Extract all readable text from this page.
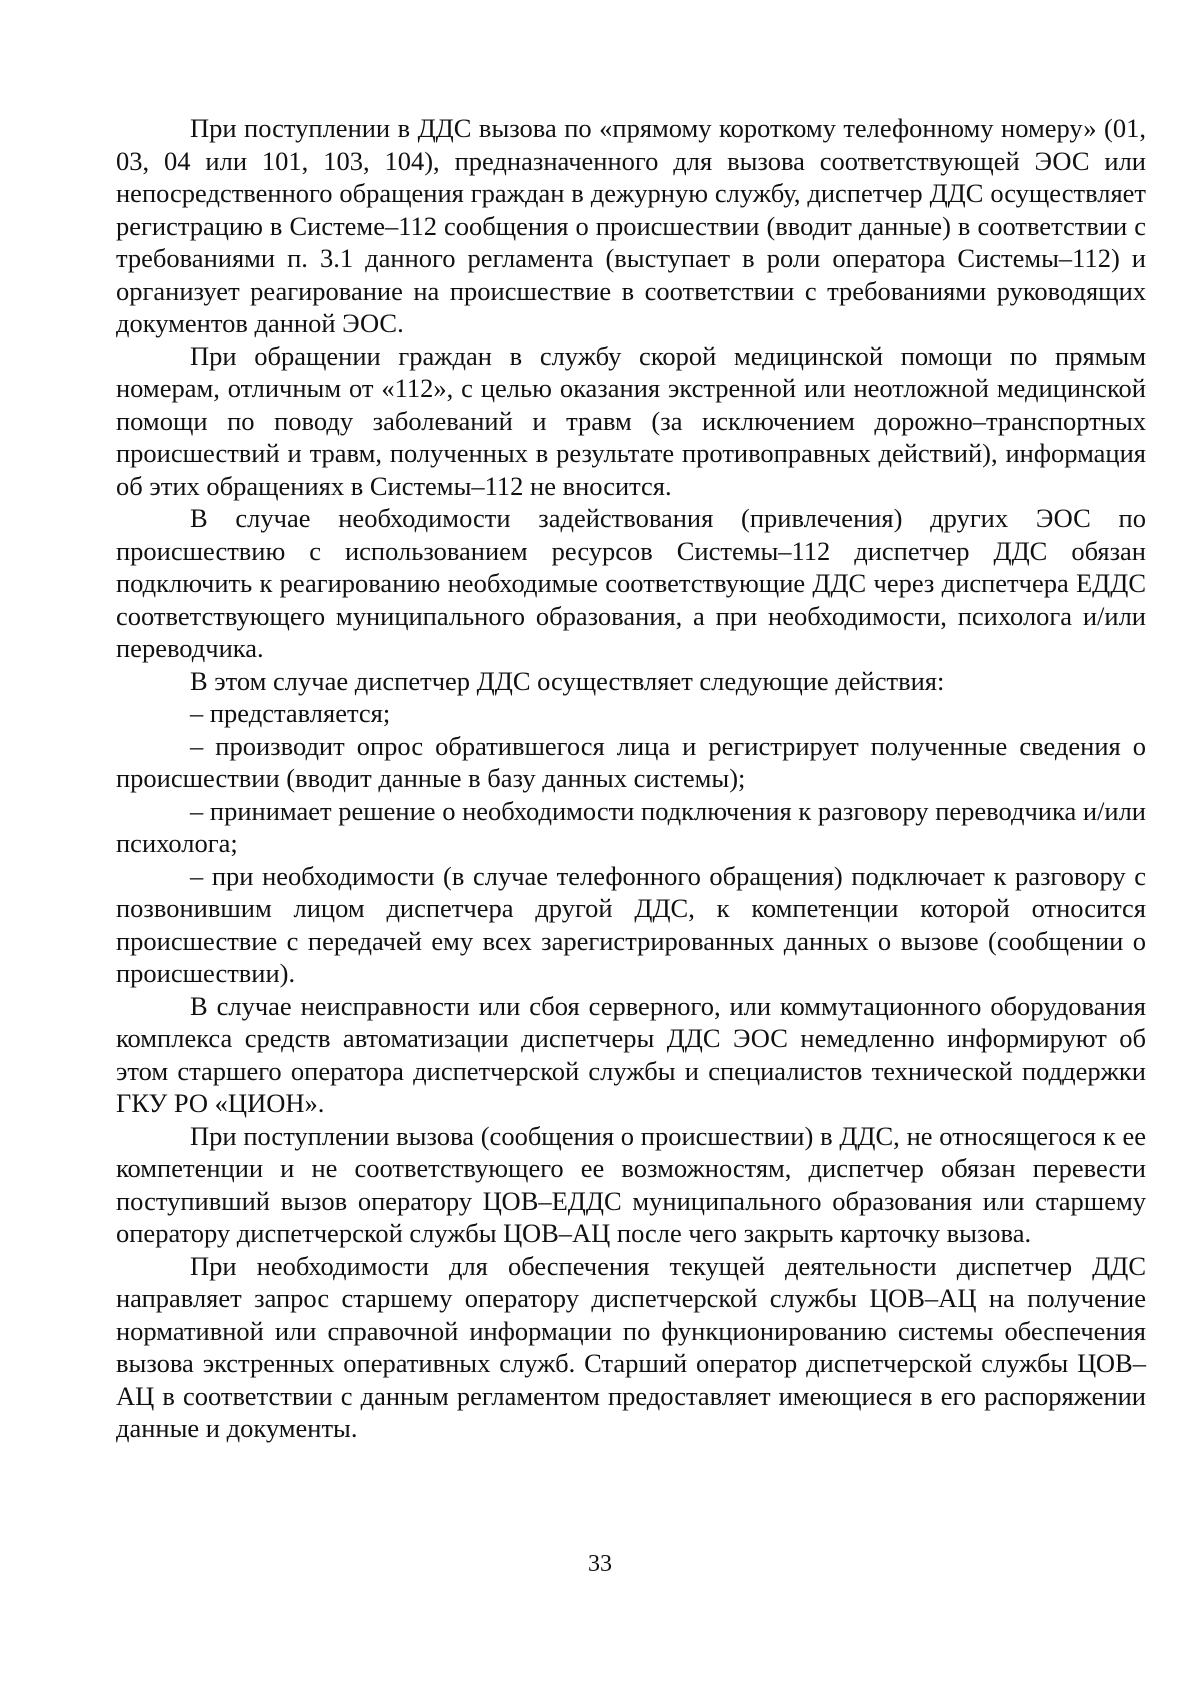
При поступлении в ДДС вызова по «прямому короткому телефонному номеру» (01, 03, 04 или 101, 103, 104), предназначенного для вызова соответствующей ЭОС или непосредственного обращения граждан в дежурную службу, диспетчер ДДС осуществляет регистрацию в Системе–112 сообщения о происшествии (вводит данные) в соответствии с требованиями п. 3.1 данного регламента (выступает в роли оператора Системы–112) и организует реагирование на происшествие в соответствии с требованиями руководящих документов данной ЭОС.

При обращении граждан в службу скорой медицинской помощи по прямым номерам, отличным от «112», с целью оказания экстренной или неотложной медицинской помощи по поводу заболеваний и травм (за исключением дорожно–транспортных происшествий и травм, полученных в результате противоправных действий), информация об этих обращениях в Системы–112 не вносится.

В случае необходимости задействования (привлечения) других ЭОС по происшествию с использованием ресурсов Системы–112 диспетчер ДДС обязан подключить к реагированию необходимые соответствующие ДДС через диспетчера ЕДДС соответствующего муниципального образования, а при необходимости, психолога и/или переводчика.

В этом случае диспетчер ДДС осуществляет следующие действия:

– представляется;

– производит опрос обратившегося лица и регистрирует полученные сведения о происшествии (вводит данные в базу данных системы);

– принимает решение о необходимости подключения к разговору переводчика и/или психолога;

– при необходимости (в случае телефонного обращения) подключает к разговору с позвонившим лицом диспетчера другой ДДС, к компетенции которой относится происшествие с передачей ему всех зарегистрированных данных о вызове (сообщении о происшествии).

В случае неисправности или сбоя серверного, или коммутационного оборудования комплекса средств автоматизации диспетчеры ДДС ЭОС немедленно информируют об этом старшего оператора диспетчерской службы и специалистов технической поддержки ГКУ РО «ЦИОН».

При поступлении вызова (сообщения о происшествии) в ДДС, не относящегося к ее компетенции и не соответствующего ее возможностям, диспетчер обязан перевести поступивший вызов оператору ЦОВ–ЕДДС муниципального образования или старшему оператору диспетчерской службы ЦОВ–АЦ после чего закрыть карточку вызова.

При необходимости для обеспечения текущей деятельности диспетчер ДДС направляет запрос старшему оператору диспетчерской службы ЦОВ–АЦ на получение нормативной или справочной информации по функционированию системы обеспечения вызова экстренных оперативных служб. Старший оператор диспетчерской службы ЦОВ–АЦ в соответствии с данным регламентом предоставляет имеющиеся в его распоряжении данные и документы.

33
